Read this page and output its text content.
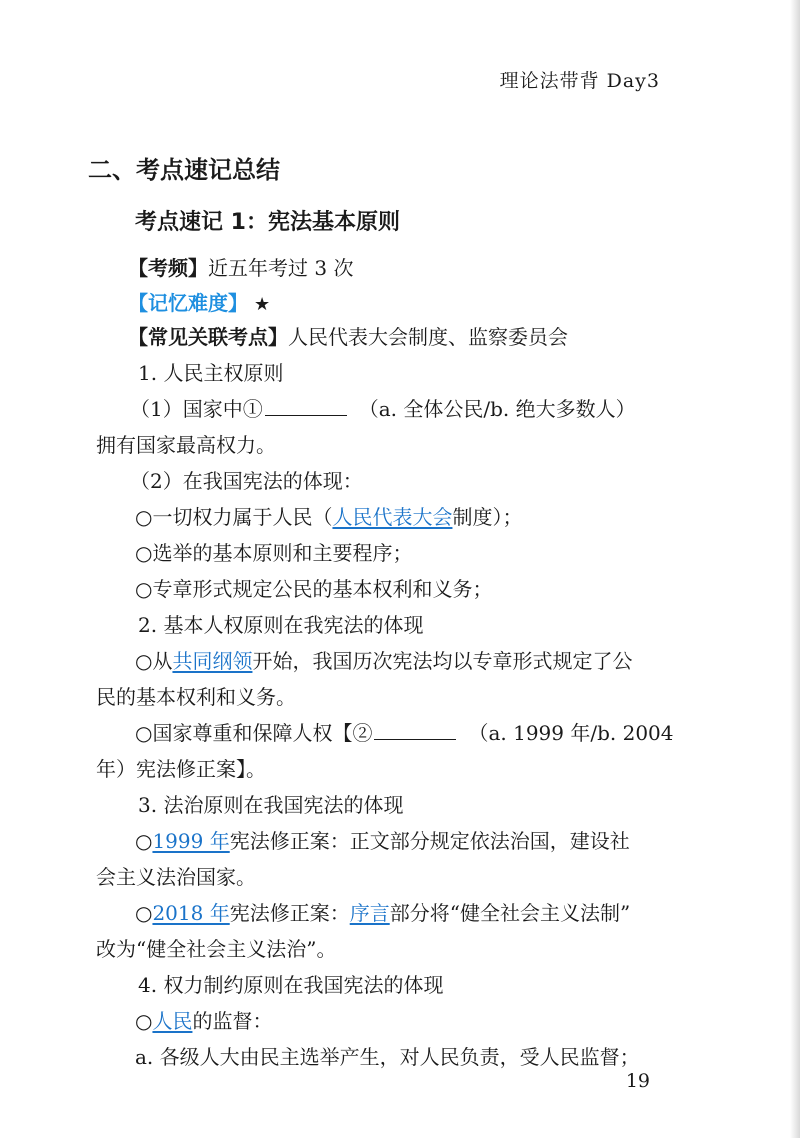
理论法带背 Day3
二、考点速记总结
考点速记 1：宪法基本原则
【考频】近五年考过 3 次
【记忆难度】 ★
【常见关联考点】人民代表大会制度、监察委员会
1. 人民主权原则
（1）国家中①	（a. 全体公民/b. 绝大多数人）
拥有国家最高权力。
（2）在我国宪法的体现：
○一切权力属于人民（人民代表大会制度）；
○选举的基本原则和主要程序；
○专章形式规定公民的基本权利和义务；
2. 基本人权原则在我宪法的体现
○从共同纲领开始，我国历次宪法均以专章形式规定了公
民的基本权利和义务。
○国家尊重和保障人权【②	（a. 1999 年/b. 2004
年）宪法修正案】。
3. 法治原则在我国宪法的体现
○1999 年宪法修正案：正文部分规定依法治国，建设社
会主义法治国家。
○2018 年宪法修正案：序言部分将“健全社会主义法制”
改为“健全社会主义法治”。
4. 权力制约原则在我国宪法的体现
○人民的监督：
a. 各级人大由民主选举产生，对人民负责，受人民监督；
19
